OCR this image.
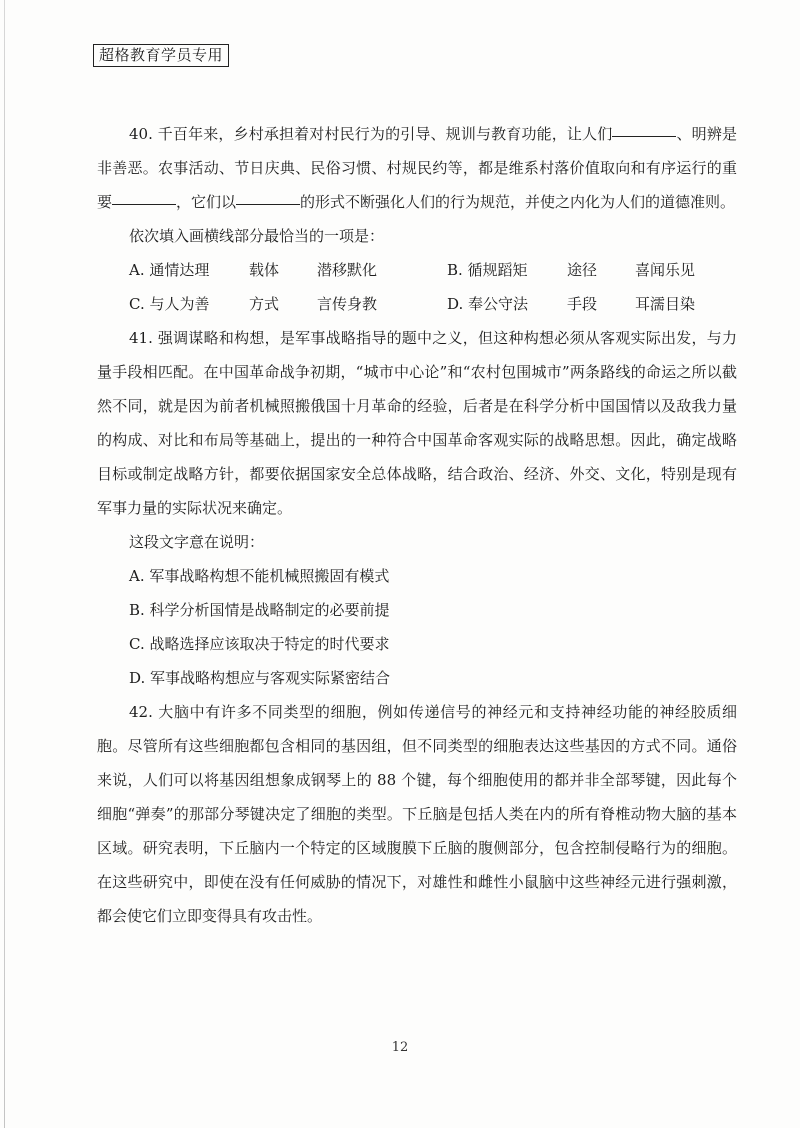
超格教育学员专用

40. 千百年来，乡村承担着对村民行为的引导、规训与教育功能，让人们	、明辨是非善恶。农事活动、节日庆典、民俗习惯、村规民约等，都是维系村落价值取向和有序运行的重要	，它们以	的形式不断强化人们的行为规范，并使之内化为人们的道德准则。

依次填入画横线部分最恰当的一项是：

A. 通情达理	载体	潜移默化	B. 循规蹈矩	途径	喜闻乐见
C. 与人为善	方式	言传身教	D. 奉公守法	手段	耳濡目染

41. 强调谋略和构想，是军事战略指导的题中之义，但这种构想必须从客观实际出发，与力量手段相匹配。在中国革命战争初期，“城市中心论”和“农村包围城市”两条路线的命运之所以截然不同，就是因为前者机械照搬俄国十月革命的经验，后者是在科学分析中国国情以及敌我力量的构成、对比和布局等基础上，提出的一种符合中国革命客观实际的战略思想。因此，确定战略目标或制定战略方针，都要依据国家安全总体战略，结合政治、经济、外交、文化，特别是现有军事力量的实际状况来确定。

这段文字意在说明：

A. 军事战略构想不能机械照搬固有模式

B. 科学分析国情是战略制定的必要前提

C. 战略选择应该取决于特定的时代要求

D. 军事战略构想应与客观实际紧密结合

42. 大脑中有许多不同类型的细胞，例如传递信号的神经元和支持神经功能的神经胶质细胞。尽管所有这些细胞都包含相同的基因组，但不同类型的细胞表达这些基因的方式不同。通俗来说，人们可以将基因组想象成钢琴上的 88 个键，每个细胞使用的都并非全部琴键，因此每个细胞“弹奏”的那部分琴键决定了细胞的类型。下丘脑是包括人类在内的所有脊椎动物大脑的基本区域。研究表明，下丘脑内一个特定的区域腹膜下丘脑的腹侧部分，包含控制侵略行为的细胞。在这些研究中，即使在没有任何威胁的情况下，对雄性和雌性小鼠脑中这些神经元进行强刺激，都会使它们立即变得具有攻击性。

12
